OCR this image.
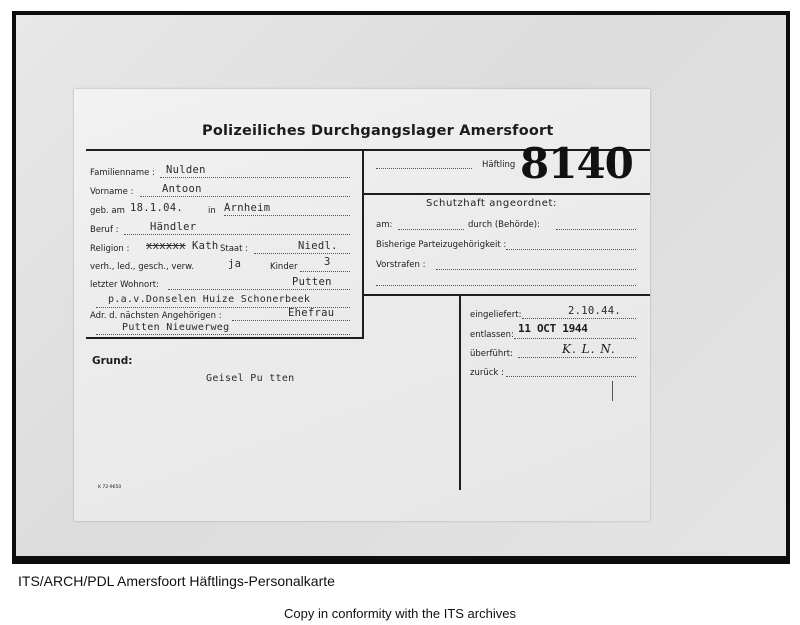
Polizeiliches Durchgangslager Amersfoort
Familienname : Nulden
Vorname :	Antoon
geb. am 18.1.04.	in Arnheim
Beruf :	Händler
Religion : xxxxxx Kath Staat :	Niedl.
verh., led., gesch., verw.	ja	Kinder	3
letzter Wohnort:	Putten
p.a.v.Donselen Huize Schonerbeek
Adr. d. nächsten Angehörigen :	Ehefrau
Putten Nieuwerweg
Häftling 8140
Schutzhaft angeordnet:
am:	durch (Behörde):
Bisherige Parteizugehörigkeit :
Vorstrafen :
eingeliefert:	2.10.44.
entlassen: 11 OCT 1944
überführt:	K. L. N.
zurück :
Grund:
Geisel Pu tten
K 72-9650
ITS/ARCH/PDL Amersfoort Häftlings-Personalkarte
Copy in conformity with the ITS archives
